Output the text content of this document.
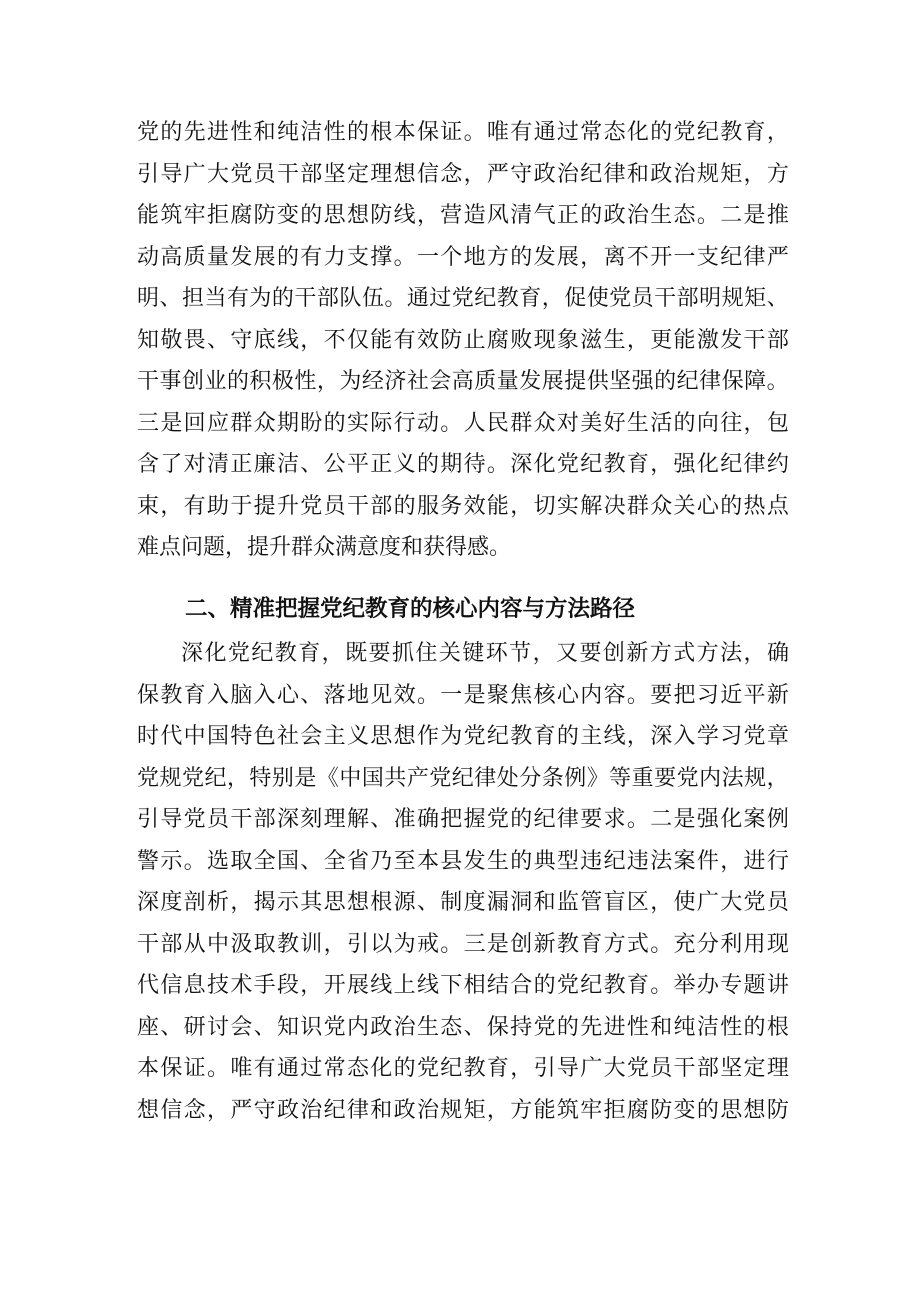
党 的 先 进 性 和 纯 洁 性 的 根 本 保 证 。 唯 有 通 过 常 态 化 的 党 纪 教 育 ，
引 导 广 大 党 员 干 部 坚 定 理 想 信 念 ， 严 守 政 治 纪 律 和 政 治 规 矩 ， 方
能 筑 牢 拒 腐 防 变 的 思 想 防 线 ， 营 造 风 清 气 正 的 政 治 生 态 。 二 是 推
动 高 质 量 发 展 的 有 力 支 撑 。 一 个 地 方 的 发 展 ， 离 不 开 一 支 纪 律 严
明 、 担 当 有 为 的 干 部 队 伍 。 通 过 党 纪 教 育 ， 促 使 党 员 干 部 明 规 矩 、
知 敬 畏 、 守 底 线 ， 不 仅 能 有 效 防 止 腐 败 现 象 滋 生 ， 更 能 激 发 干 部
干 事 创 业 的 积 极 性 ， 为 经 济 社 会 高 质 量 发 展 提 供 坚 强 的 纪 律 保 障 。
三 是 回 应 群 众 期 盼 的 实 际 行 动 。 人 民 群 众 对 美 好 生 活 的 向 往 ， 包
含 了 对 清 正 廉 洁 、 公 平 正 义 的 期 待 。 深 化 党 纪 教 育 ， 强 化 纪 律 约
束 ， 有 助 于 提 升 党 员 干 部 的 服 务 效 能 ， 切 实 解 决 群 众 关 心 的 热 点
难点问题，提升群众满意度和获得感。
二、精准把握党纪教育的核心内容与方法路径
深 化 党 纪 教 育 ， 既 要 抓 住 关 键 环 节 ， 又 要 创 新 方 式 方 法 ， 确
保 教 育 入 脑 入 心 、 落 地 见 效 。 一 是 聚 焦 核 心 内 容 。 要 把 习 近 平 新
时 代 中 国 特 色 社 会 主 义 思 想 作 为 党 纪 教 育 的 主 线 ， 深 入 学 习 党 章
党 规 党 纪 ， 特 别 是 《 中 国 共 产 党 纪 律 处 分 条 例 》 等 重 要 党 内 法 规 ，
引 导 党 员 干 部 深 刻 理 解 、 准 确 把 握 党 的 纪 律 要 求 。 二 是 强 化 案 例
警 示 。 选 取 全 国 、 全 省 乃 至 本 县 发 生 的 典 型 违 纪 违 法 案 件 ， 进 行
深 度 剖 析 ， 揭 示 其 思 想 根 源 、 制 度 漏 洞 和 监 管 盲 区 ， 使 广 大 党 员
干 部 从 中 汲 取 教 训 ， 引 以 为 戒 。 三 是 创 新 教 育 方 式 。 充 分 利 用 现
代 信 息 技 术 手 段 ， 开 展 线 上 线 下 相 结 合 的 党 纪 教 育 。 举 办 专 题 讲
座 、 研 讨 会 、 知 识 党 内 政 治 生 态 、 保 持 党 的 先 进 性 和 纯 洁 性 的 根
本 保 证 。 唯 有 通 过 常 态 化 的 党 纪 教 育 ， 引 导 广 大 党 员 干 部 坚 定 理
想 信 念 ， 严 守 政 治 纪 律 和 政 治 规 矩 ， 方 能 筑 牢 拒 腐 防 变 的 思 想 防
